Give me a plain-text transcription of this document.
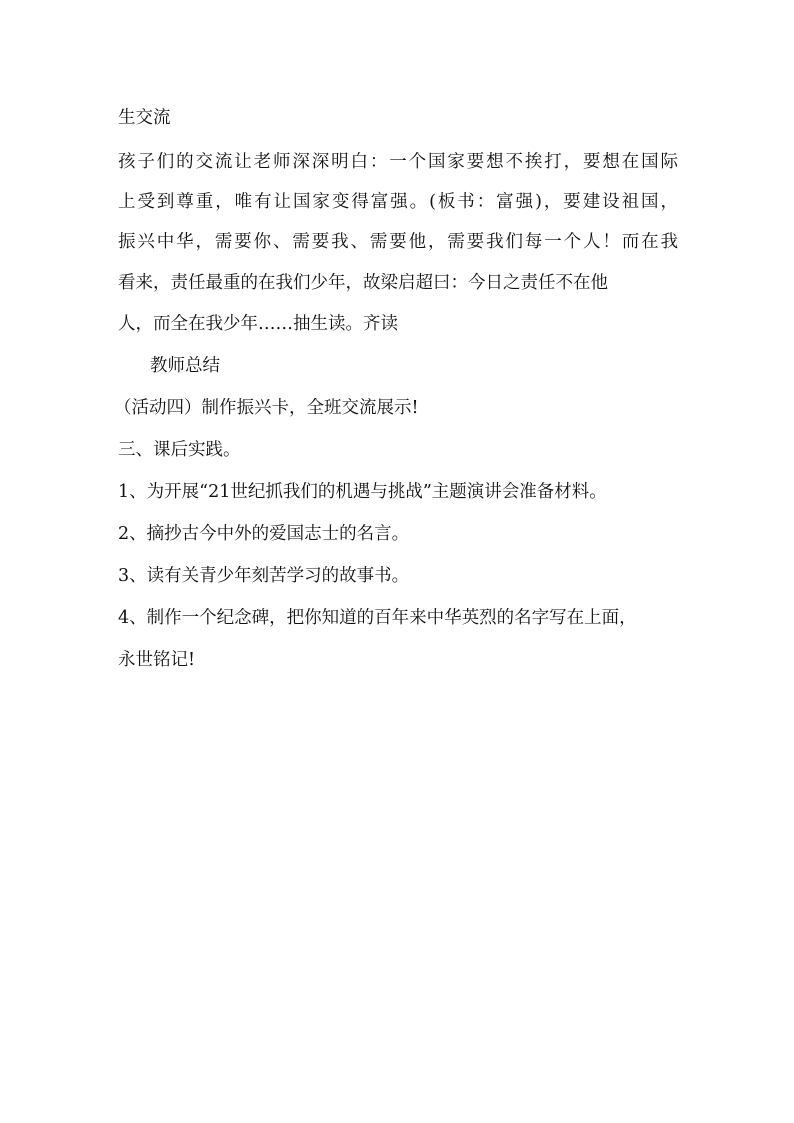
生交流
孩子们的交流让老师深深明白：一个国家要想不挨打，要想在国际
上受到尊重，唯有让国家变得富强。(板书：富强)，要建设祖国，
振兴中华，需要你、需要我、需要他，需要我们每一个人！而在我
看来，责任最重的在我们少年，故梁启超曰：今日之责任不在他
人，而全在我少年……抽生读。齐读
教师总结
（活动四）制作振兴卡，全班交流展示!
三、课后实践。
1、为开展“21世纪抓我们的机遇与挑战”主题演讲会准备材料。
2、摘抄古今中外的爱国志士的名言。
3、读有关青少年刻苦学习的故事书。
4、制作一个纪念碑，把你知道的百年来中华英烈的名字写在上面，
永世铭记!
